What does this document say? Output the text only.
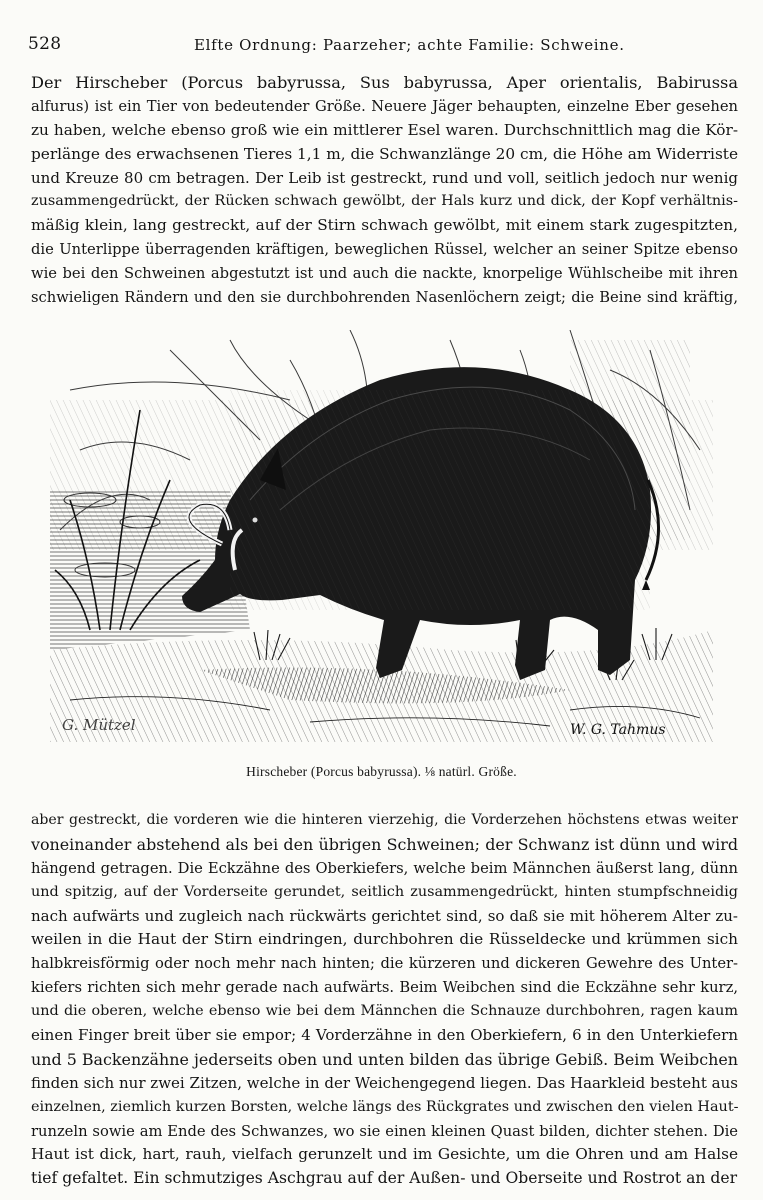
528	Elfte Ordnung: Paarzeher; achte Familie: Schweine.
Der Hirscheber (Porcus babyrussa, Sus babyrussa, Aper orientalis, Babirussa
alfurus) ist ein Tier von bedeutender Größe. Neuere Jäger behaupten, einzelne Eber gesehen
zu haben, welche ebenso groß wie ein mittlerer Esel waren. Durchschnittlich mag die Kör-
perlänge des erwachsenen Tieres 1,1 m, die Schwanzlänge 20 cm, die Höhe am Widerriste
und Kreuze 80 cm betragen. Der Leib ist gestreckt, rund und voll, seitlich jedoch nur wenig
zusammengedrückt, der Rücken schwach gewölbt, der Hals kurz und dick, der Kopf verhältnis-
mäßig klein, lang gestreckt, auf der Stirn schwach gewölbt, mit einem stark zugespitzten,
die Unterlippe überragenden kräftigen, beweglichen Rüssel, welcher an seiner Spitze ebenso
wie bei den Schweinen abgestutzt ist und auch die nackte, knorpelige Wühlscheibe mit ihren
schwieligen Rändern und den sie durchbohrenden Nasenlöchern zeigt; die Beine sind kräftig,
G. Mützel	W. G. Tahmus
Hirscheber (Porcus babyrussa). ⅛ natürl. Größe.
aber gestreckt, die vorderen wie die hinteren vierzehig, die Vorderzehen höchstens etwas weiter
voneinander abstehend als bei den übrigen Schweinen; der Schwanz ist dünn und wird
hängend getragen. Die Eckzähne des Oberkiefers, welche beim Männchen äußerst lang, dünn
und spitzig, auf der Vorderseite gerundet, seitlich zusammengedrückt, hinten stumpfschneidig
nach aufwärts und zugleich nach rückwärts gerichtet sind, so daß sie mit höherem Alter zu-
weilen in die Haut der Stirn eindringen, durchbohren die Rüsseldecke und krümmen sich
halbkreisförmig oder noch mehr nach hinten; die kürzeren und dickeren Gewehre des Unter-
kiefers richten sich mehr gerade nach aufwärts. Beim Weibchen sind die Eckzähne sehr kurz,
und die oberen, welche ebenso wie bei dem Männchen die Schnauze durchbohren, ragen kaum
einen Finger breit über sie empor; 4 Vorderzähne in den Oberkiefern, 6 in den Unterkiefern
und 5 Backenzähne jederseits oben und unten bilden das übrige Gebiß. Beim Weibchen
finden sich nur zwei Zitzen, welche in der Weichengegend liegen. Das Haarkleid besteht aus
einzelnen, ziemlich kurzen Borsten, welche längs des Rückgrates und zwischen den vielen Haut-
runzeln sowie am Ende des Schwanzes, wo sie einen kleinen Quast bilden, dichter stehen. Die
Haut ist dick, hart, rauh, vielfach gerunzelt und im Gesichte, um die Ohren und am Halse
tief gefaltet. Ein schmutziges Aschgrau auf der Außen- und Oberseite und Rostrot an der
